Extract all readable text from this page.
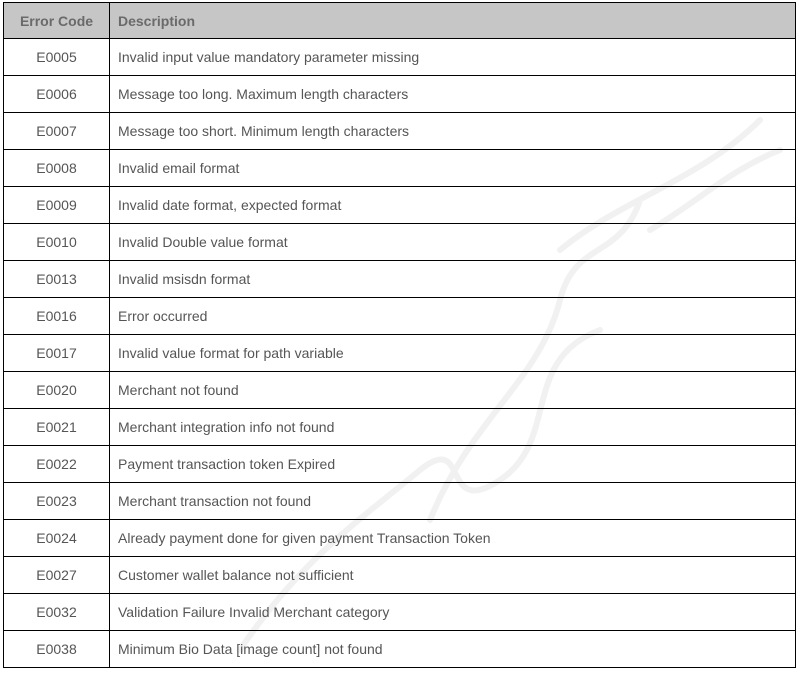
Error Code	Description
E0005	Invalid input value mandatory parameter missing
E0006	Message too long. Maximum length characters
E0007	Message too short. Minimum length characters
E0008	Invalid email format
E0009	Invalid date format, expected format
E0010	Invalid Double value format
E0013	Invalid msisdn format
E0016	Error occurred
E0017	Invalid value format for path variable
E0020	Merchant not found
E0021	Merchant integration info not found
E0022	Payment transaction token Expired
E0023	Merchant transaction not found
E0024	Already payment done for given payment Transaction Token
E0027	Customer wallet balance not sufficient
E0032	Validation Failure Invalid Merchant category
E0038	Minimum Bio Data [image count] not found
